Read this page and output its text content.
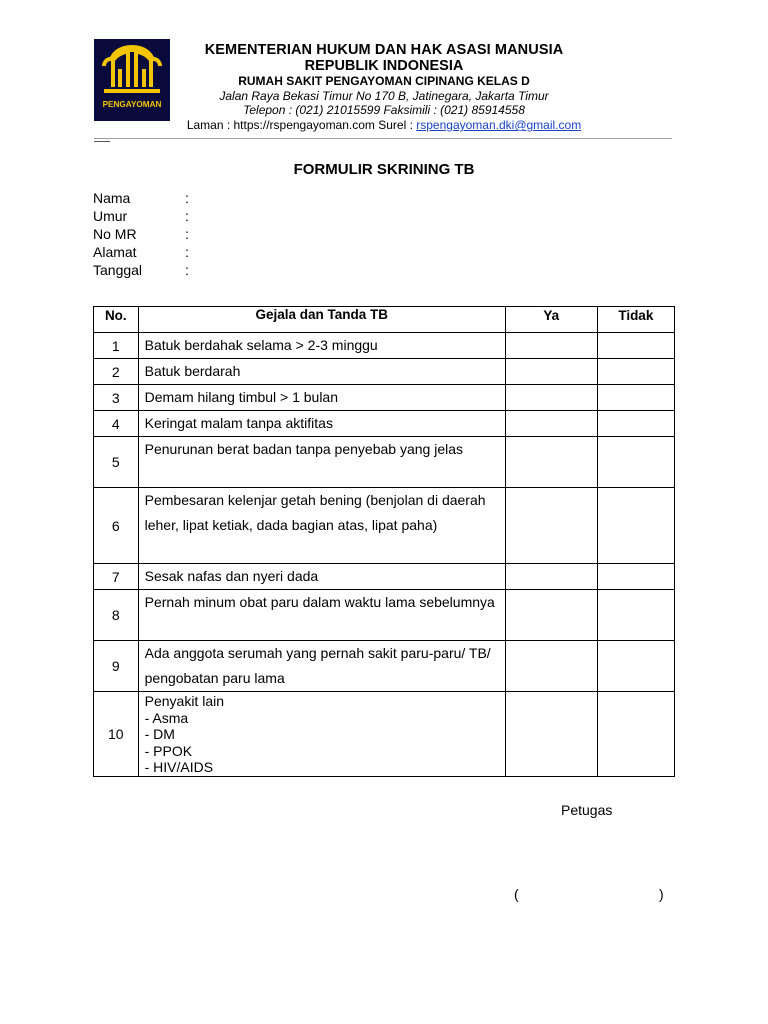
PENGAYOMAN
KEMENTERIAN HUKUM DAN HAK ASASI MANUSIA
REPUBLIK INDONESIA
RUMAH SAKIT PENGAYOMAN CIPINANG KELAS D
Jalan Raya Bekasi Timur No 170 B, Jatinegara, Jakarta Timur
Telepon : (021) 21015599 Faksimili : (021) 85914558
Laman : https://rspengayoman.com Surel : rspengayoman.dki@gmail.com
FORMULIR SKRINING TB
Nama	:
Umur	:
No MR	:
Alamat	:
Tanggal	:
No.	Gejala dan Tanda TB	Ya	Tidak
1	Batuk berdahak selama > 2-3 minggu		
2	Batuk berdarah		
3	Demam hilang timbul > 1 bulan		
4	Keringat malam tanpa aktifitas		
5	Penurunan berat badan tanpa penyebab yang jelas		
6	Pembesaran kelenjar getah bening (benjolan di daerah leher, lipat ketiak, dada bagian atas, lipat paha)		
7	Sesak nafas dan nyeri dada		
8	Pernah minum obat paru dalam waktu lama sebelumnya		
9	Ada anggota serumah yang pernah sakit paru-paru/ TB/ pengobatan paru lama		
10	Penyakit lain
- Asma
- DM
- PPOK
- HIV/AIDS		

Petugas
(	)
